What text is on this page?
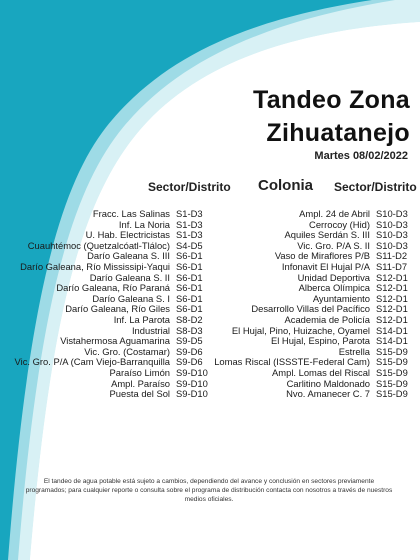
Tandeo Zona
Zihuatanejo
Martes 08/02/2022
Sector/Distrito Colonia Sector/Distrito
Fracc. Las Salinas S1-D3
Inf. La Noria S1-D3
U. Hab. Electricistas S1-D3
Cuauhtémoc (Quetzalcóatl-Tláloc) S4-D5
Darío Galeana S. III S6-D1
Darío Galeana, Río Mississipi-Yaqui S6-D1
Darío Galeana S. II S6-D1
Darío Galeana, Río Paraná S6-D1
Darío Galeana S. I S6-D1
Darío Galeana, Río Giles S6-D1
Inf. La Parota S8-D2
Industrial S8-D3
Vistahermosa Aguamarina S9-D5
Vic. Gro. (Costamar) S9-D6
Vic. Gro. P/A (Cam Viejo-Barranquilla S9-D6
Paraíso Limón S9-D10
Ampl. Paraíso S9-D10
Puesta del Sol S9-D10
Ampl. 24 de Abril S10-D3
Cerrocoy (Hid) S10-D3
Aquiles Serdán S. III S10-D3
Vic. Gro. P/A S. II S10-D3
Vaso de Miraflores P/B S11-D2
Infonavit El Hujal P/A S11-D7
Unidad Deportiva S12-D1
Alberca Olímpica S12-D1
Ayuntamiento S12-D1
Desarrollo Villas del Pacífico S12-D1
Academia de Policía S12-D1
El Hujal, Pino, Huizache, Oyamel S14-D1
El Hujal, Espino, Parota S14-D1
Estrella S15-D9
Lomas Riscal (ISSSTE-Federal Cam) S15-D9
Ampl. Lomas del Riscal S15-D9
Carlitino Maldonado S15-D9
Nvo. Amanecer C. 7 S15-D9
El tandeo de agua potable está sujeto a cambios, dependiendo del avance y conclusión en sectores previamente programados; para cualquier reporte o consulta sobre el programa de distribución contacta con nosotros a través de nuestros medios oficiales.
